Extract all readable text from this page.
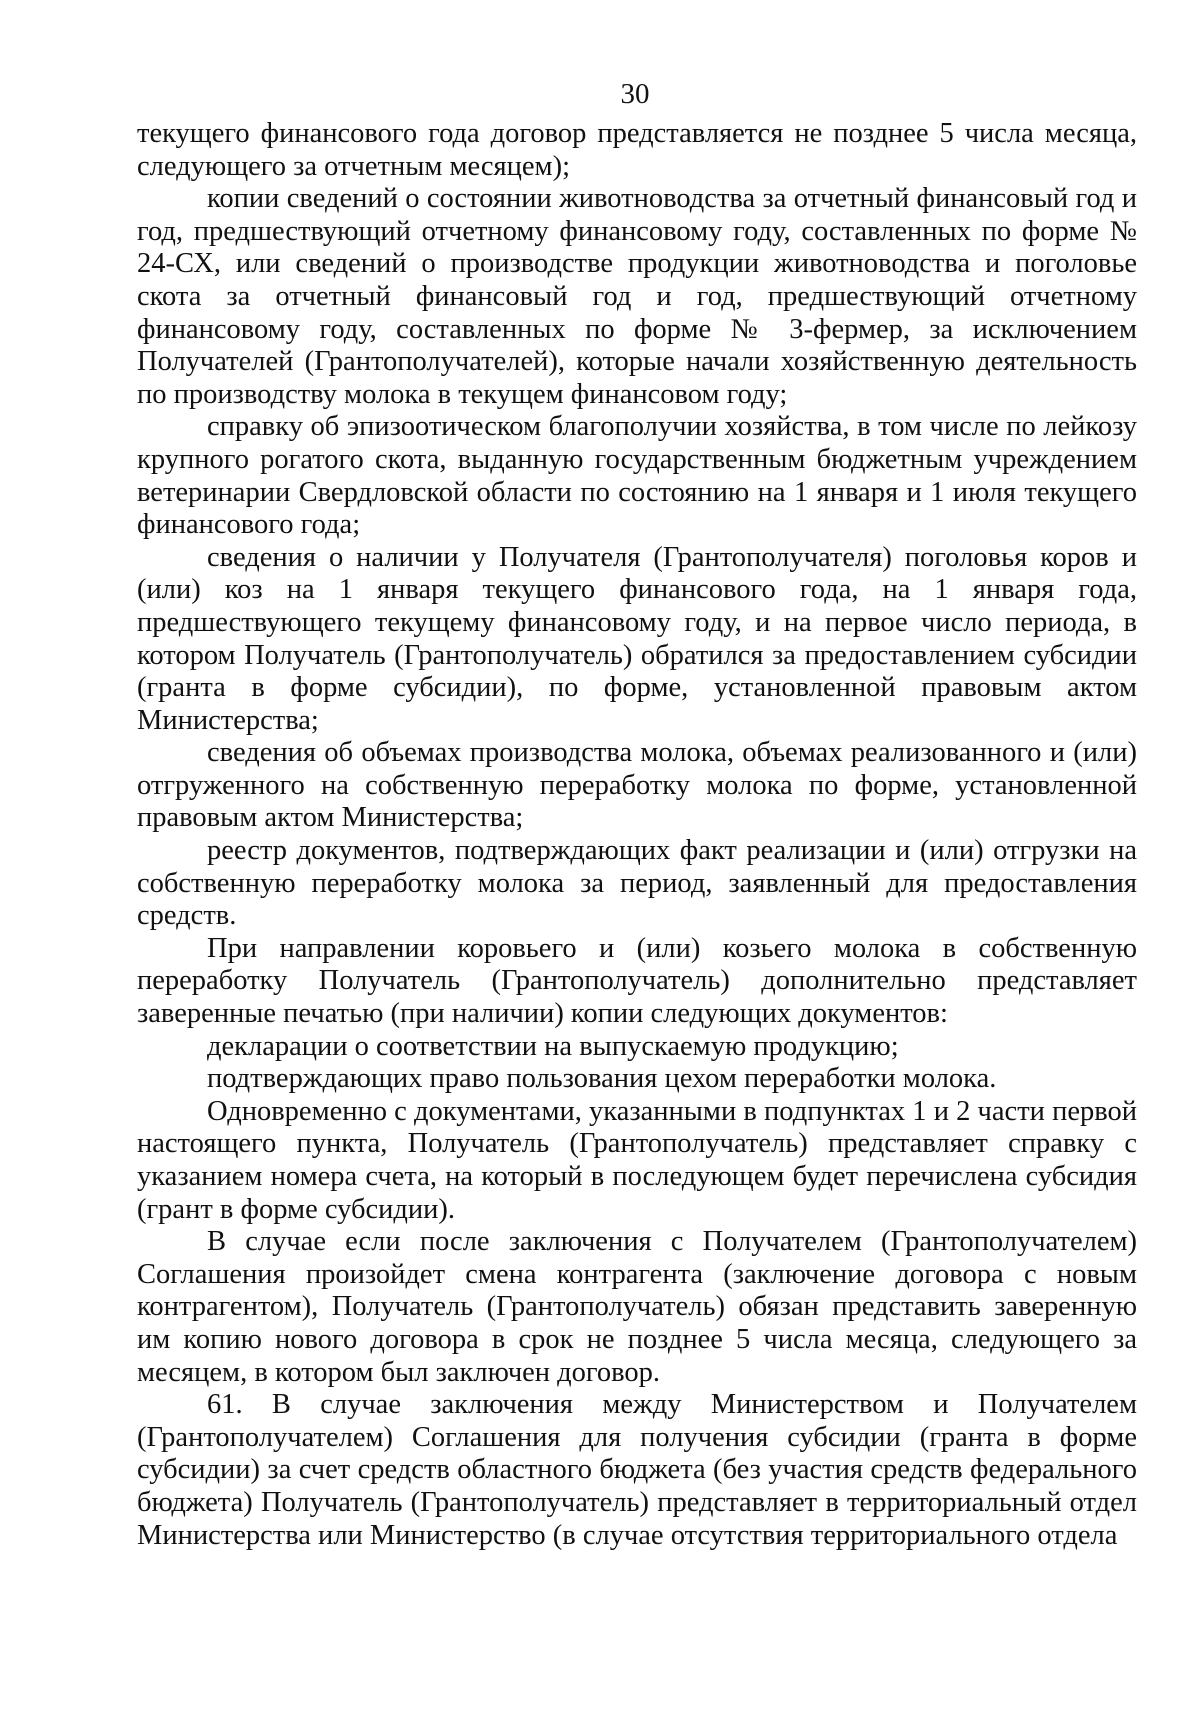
30

текущего финансового года договор представляется не позднее 5 числа месяца, следующего за отчетным месяцем);

копии сведений о состоянии животноводства за отчетный финансовый год и год, предшествующий отчетному финансовому году, составленных по форме № 24-СХ, или сведений о производстве продукции животноводства и поголовье скота за отчетный финансовый год и год, предшествующий отчетному финансовому году, составленных по форме № 3-фермер, за исключением Получателей (Грантополучателей), которые начали хозяйственную деятельность по производству молока в текущем финансовом году;

справку об эпизоотическом благополучии хозяйства, в том числе по лейкозу крупного рогатого скота, выданную государственным бюджетным учреждением ветеринарии Свердловской области по состоянию на 1 января и 1 июля текущего финансового года;

сведения о наличии у Получателя (Грантополучателя) поголовья коров и (или) коз на 1 января текущего финансового года, на 1 января года, предшествующего текущему финансовому году, и на первое число периода, в котором Получатель (Грантополучатель) обратился за предоставлением субсидии (гранта в форме субсидии), по форме, установленной правовым актом Министерства;

сведения об объемах производства молока, объемах реализованного и (или) отгруженного на собственную переработку молока по форме, установленной правовым актом Министерства;

реестр документов, подтверждающих факт реализации и (или) отгрузки на собственную переработку молока за период, заявленный для предоставления средств.

При направлении коровьего и (или) козьего молока в собственную переработку Получатель (Грантополучатель) дополнительно представляет заверенные печатью (при наличии) копии следующих документов:

декларации о соответствии на выпускаемую продукцию;

подтверждающих право пользования цехом переработки молока.

Одновременно с документами, указанными в подпунктах 1 и 2 части первой настоящего пункта, Получатель (Грантополучатель) представляет справку с указанием номера счета, на который в последующем будет перечислена субсидия (грант в форме субсидии).

В случае если после заключения с Получателем (Грантополучателем) Соглашения произойдет смена контрагента (заключение договора с новым контрагентом), Получатель (Грантополучатель) обязан представить заверенную им копию нового договора в срок не позднее 5 числа месяца, следующего за месяцем, в котором был заключен договор.

61. В случае заключения между Министерством и Получателем (Грантополучателем) Соглашения для получения субсидии (гранта в форме субсидии) за счет средств областного бюджета (без участия средств федерального бюджета) Получатель (Грантополучатель) представляет в территориальный отдел Министерства или Министерство (в случае отсутствия территориального отдела
